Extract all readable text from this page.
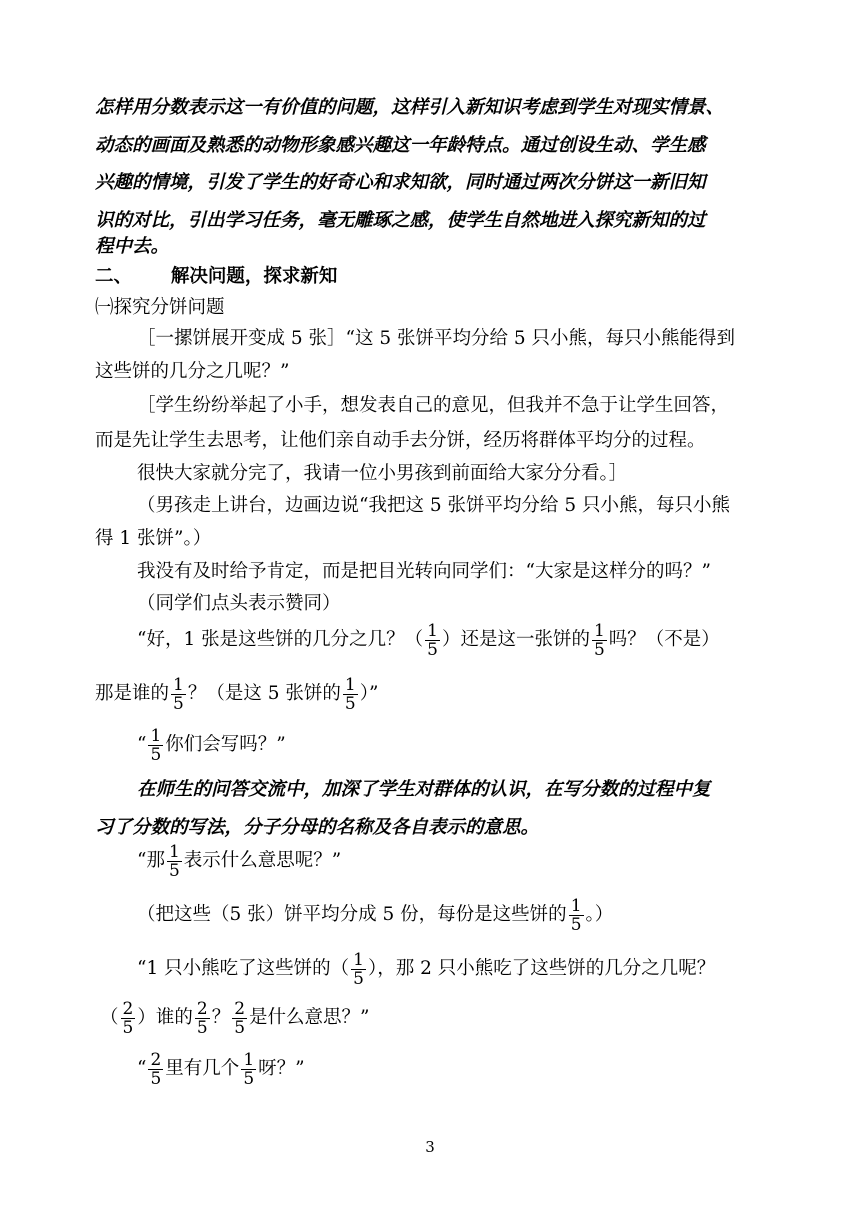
怎样用分数表示这一有价值的问题，这样引入新知识考虑到学生对现实情景、
动态的画面及熟悉的动物形象感兴趣这一年龄特点。通过创设生动、学生感
兴趣的情境，引发了学生的好奇心和求知欲，同时通过两次分饼这一新旧知
识的对比，引出学习任务，毫无雕琢之感，使学生自然地进入探究新知的过
程中去。
二、 解决问题，探求新知
㈠探究分饼问题
［一摞饼展开变成 5 张］“这 5 张饼平均分给 5 只小熊，每只小熊能得到
这些饼的几分之几呢？”
［学生纷纷举起了小手，想发表自己的意见，但我并不急于让学生回答，
而是先让学生去思考，让他们亲自动手去分饼，经历将群体平均分的过程。
很快大家就分完了，我请一位小男孩到前面给大家分分看。］
（男孩走上讲台，边画边说“我把这 5 张饼平均分给 5 只小熊，每只小熊
得 1 张饼”。）
我没有及时给予肯定，而是把目光转向同学们：“大家是这样分的吗？”
（同学们点头表示赞同）
“好，1 张是这些饼的几分之几？（ $\frac{1}{5}$ ）还是这一张饼的 $\frac{1}{5}$ 吗？（不是）
那是谁的 $\frac{1}{5}$ ？（是这 5 张饼的 $\frac{1}{5}$ ）”
“ $\frac{1}{5}$ 你们会写吗？”
在师生的问答交流中，加深了学生对群体的认识，在写分数的过程中复
习了分数的写法，分子分母的名称及各自表示的意思。
“那 $\frac{1}{5}$ 表示什么意思呢？”
（把这些（5 张）饼平均分成 5 份，每份是这些饼的 $\frac{1}{5}$ 。）
“1 只小熊吃了这些饼的（ $\frac{1}{5}$ ），那 2 只小熊吃了这些饼的几分之几呢？
（ $\frac{2}{5}$ ）谁的 $\frac{2}{5}$ ？ $\frac{2}{5}$ 是什么意思？”
“ $\frac{2}{5}$ 里有几个 $\frac{1}{5}$ 呀？”
3
